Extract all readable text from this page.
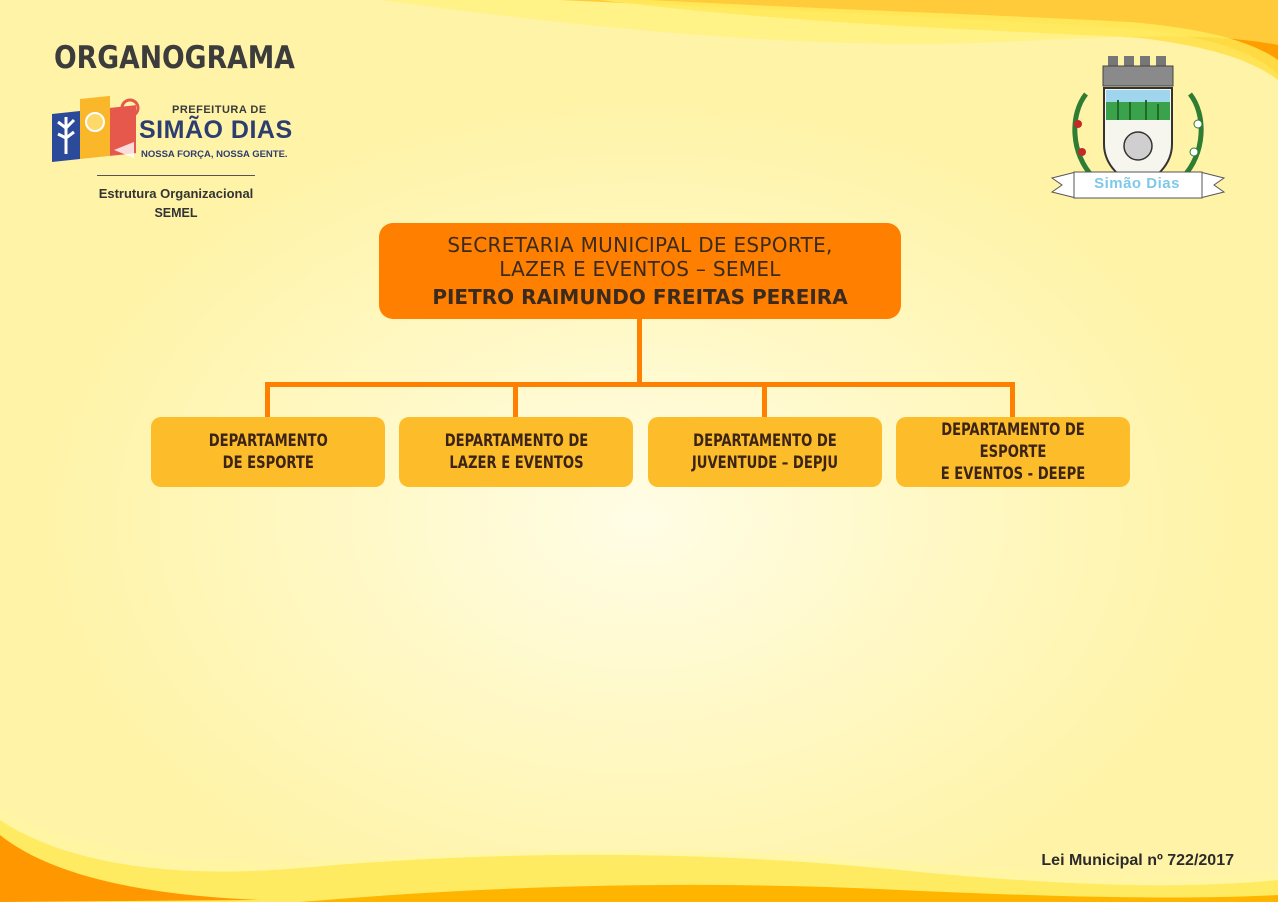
ORGANOGRAMA
PREFEITURA DE
SIMÃO DIAS
NOSSA FORÇA, NOSSA GENTE.
Estrutura Organizacional
SEMEL
Simão Dias
SECRETARIA MUNICIPAL DE ESPORTE,
LAZER E EVENTOS – SEMEL
PIETRO RAIMUNDO FREITAS PEREIRA
DEPARTAMENTO
DE ESPORTE
DEPARTAMENTO DE
LAZER E EVENTOS
DEPARTAMENTO DE
JUVENTUDE – DEPJU
DEPARTAMENTO DE ESPORTE
E EVENTOS - DEEPE
Lei Municipal nº 722/2017
